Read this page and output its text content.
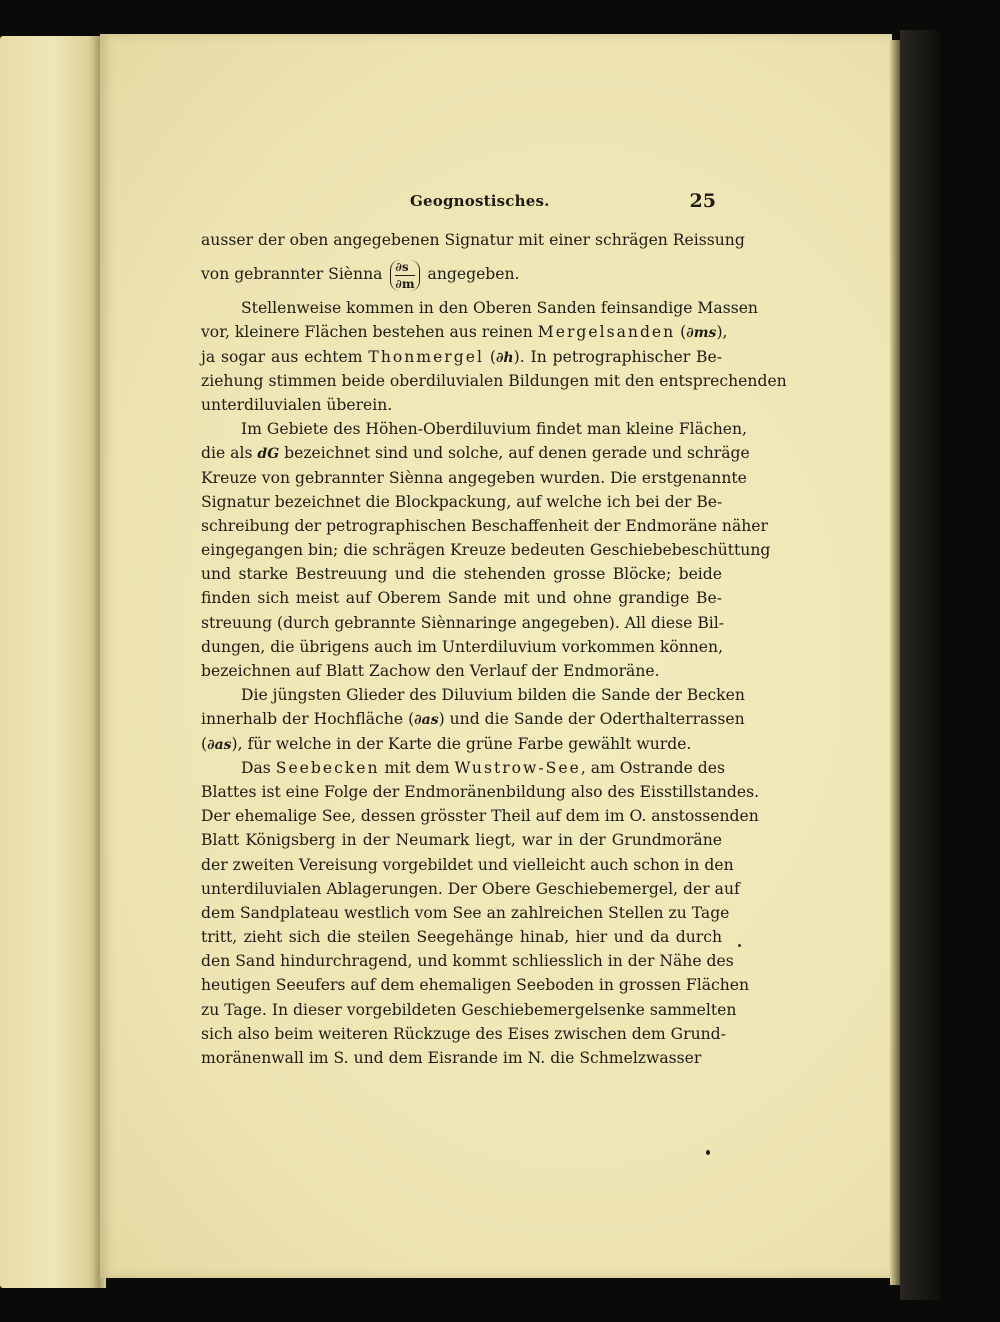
Geognostisches.	25
ausser der oben angegebenen Signatur mit einer schrägen Reissung
von gebrannter Siènna $\frac{\partial s}{\partial m}$ angegeben.
Stellenweise kommen in den Oberen Sanden feinsandige Massen
vor, kleinere Flächen bestehen aus reinen Mergelsanden (∂ms),
ja sogar aus echtem Thonmergel (∂h). In petrographischer Be-
ziehung stimmen beide oberdiluvialen Bildungen mit den entsprechenden
unterdiluvialen überein.
Im Gebiete des Höhen-Oberdiluvium findet man kleine Flächen,
die als dG bezeichnet sind und solche, auf denen gerade und schräge
Kreuze von gebrannter Siènna angegeben wurden. Die erstgenannte
Signatur bezeichnet die Blockpackung, auf welche ich bei der Be-
schreibung der petrographischen Beschaffenheit der Endmoräne näher
eingegangen bin; die schrägen Kreuze bedeuten Geschiebebeschüttung
und starke Bestreuung und die stehenden grosse Blöcke; beide
finden sich meist auf Oberem Sande mit und ohne grandige Be-
streuung (durch gebrannte Siènnaringe angegeben). All diese Bil-
dungen, die übrigens auch im Unterdiluvium vorkommen können,
bezeichnen auf Blatt Zachow den Verlauf der Endmoräne.
Die jüngsten Glieder des Diluvium bilden die Sande der Becken
innerhalb der Hochfläche (∂as) und die Sande der Oderthalterrassen
(∂as), für welche in der Karte die grüne Farbe gewählt wurde.
Das Seebecken mit dem Wustrow-See, am Ostrande des
Blattes ist eine Folge der Endmoränenbildung also des Eisstillstandes.
Der ehemalige See, dessen grösster Theil auf dem im O. anstossenden
Blatt Königsberg in der Neumark liegt, war in der Grundmoräne
der zweiten Vereisung vorgebildet und vielleicht auch schon in den
unterdiluvialen Ablagerungen. Der Obere Geschiebemergel, der auf
dem Sandplateau westlich vom See an zahlreichen Stellen zu Tage
tritt, zieht sich die steilen Seegehänge hinab, hier und da durch
den Sand hindurchragend, und kommt schliesslich in der Nähe des
heutigen Seeufers auf dem ehemaligen Seeboden in grossen Flächen
zu Tage. In dieser vorgebildeten Geschiebemergelsenke sammelten
sich also beim weiteren Rückzuge des Eises zwischen dem Grund-
moränenwall im S. und dem Eisrande im N. die Schmelzwasser
